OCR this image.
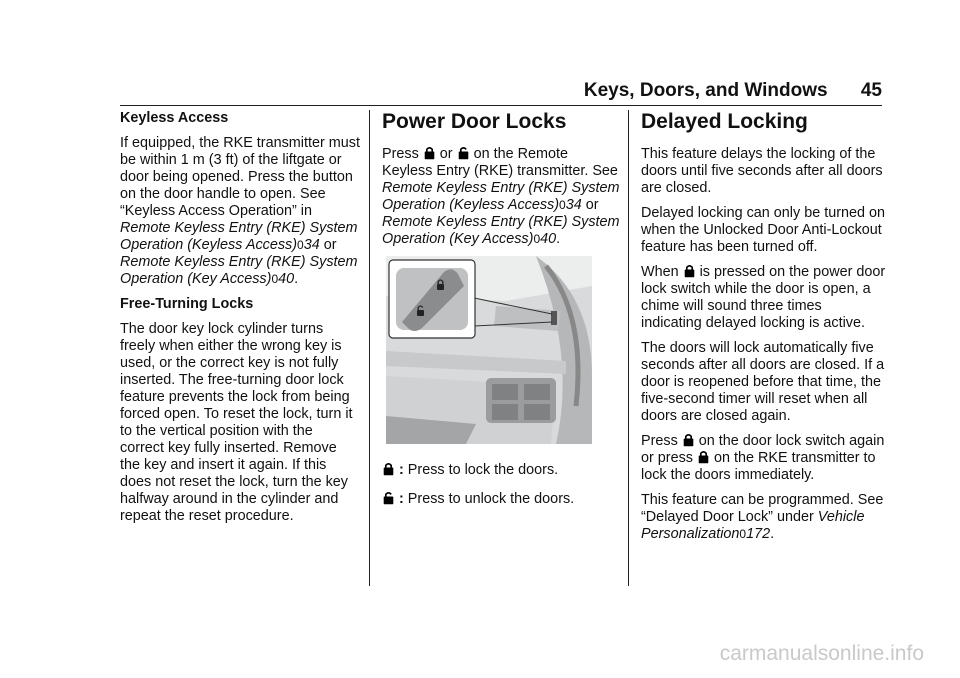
Keys, Doors, and Windows 45

Keyless Access

If equipped, the RKE transmitter must be within 1 m (3 ft) of the liftgate or door being opened. Press the button on the door handle to open. See “Keyless Access Operation” in Remote Keyless Entry (RKE) System Operation (Keyless Access)034 or Remote Keyless Entry (RKE) System Operation (Key Access)040.

Free-Turning Locks

The door key lock cylinder turns freely when either the wrong key is used, or the correct key is not fully inserted. The free-turning door lock feature prevents the lock from being forced open. To reset the lock, turn it to the vertical position with the correct key fully inserted. Remove the key and insert it again. If this does not reset the lock, turn the key halfway around in the cylinder and repeat the reset procedure.

Power Door Locks

Press  or  on the Remote Keyless Entry (RKE) transmitter. See Remote Keyless Entry (RKE) System Operation (Keyless Access)034 or Remote Keyless Entry (RKE) System Operation (Key Access)040.

: Press to lock the doors.
: Press to unlock the doors.
Delayed Locking

This feature delays the locking of the doors until five seconds after all doors are closed.

Delayed locking can only be turned on when the Unlocked Door Anti-Lockout feature has been turned off.

When  is pressed on the power door lock switch while the door is open, a chime will sound three times indicating delayed locking is active.

The doors will lock automatically five seconds after all doors are closed. If a door is reopened before that time, the five-second timer will reset when all doors are closed again.

Press  on the door lock switch again or press  on the RKE transmitter to lock the doors immediately.

This feature can be programmed. See “Delayed Door Lock” under Vehicle Personalization0172.

carmanualsonline.info
